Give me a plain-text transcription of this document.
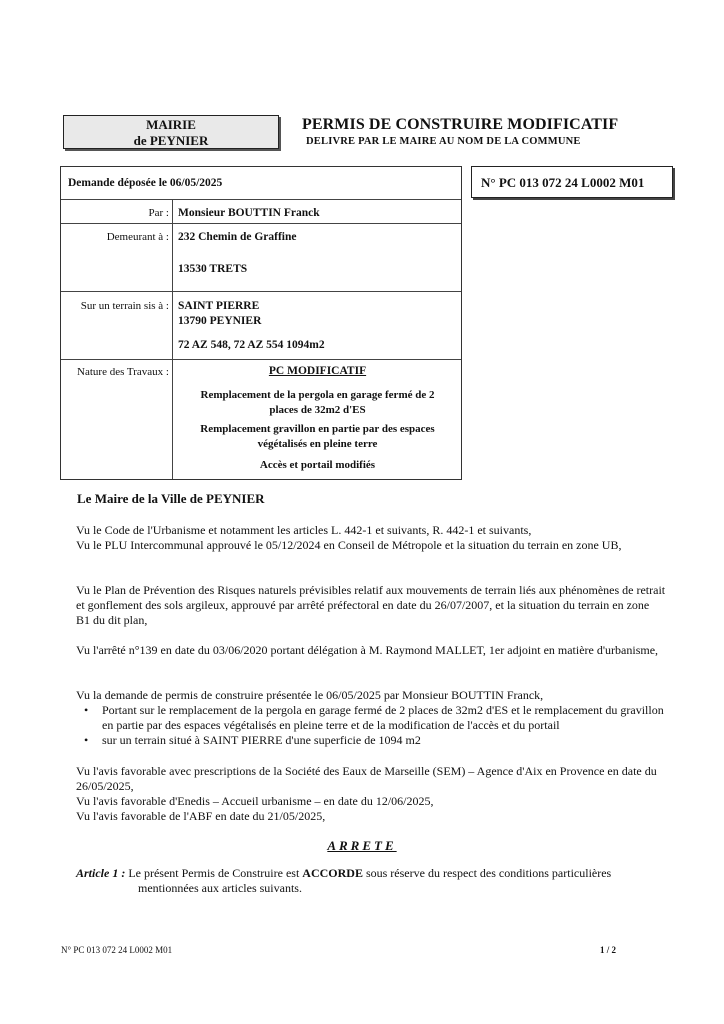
MAIRIE
de PEYNIER
PERMIS DE CONSTRUIRE MODIFICATIF
DELIVRE PAR LE MAIRE AU NOM DE LA COMMUNE
N° PC 013 072 24 L0002 M01
Demande déposée le 06/05/2025
Par : Monsieur BOUTTIN Franck
Demeurant à : 232 Chemin de Graffine
13530 TRETS
Sur un terrain sis à : SAINT PIERRE
13790 PEYNIER
72 AZ 548, 72 AZ 554 1094m2
Nature des Travaux :	PC MODIFICATIF
Remplacement de la pergola en garage fermé de 2
places de 32m2 d'ES
Remplacement gravillon en partie par des espaces
végétalisés en pleine terre
Accès et portail modifiés
Le Maire de la Ville de PEYNIER
Vu le Code de l'Urbanisme et notamment les articles L. 442-1 et suivants, R. 442-1 et suivants,
Vu le PLU Intercommunal approuvé le 05/12/2024 en Conseil de Métropole et la situation du terrain en zone UB,
Vu le Plan de Prévention des Risques naturels prévisibles relatif aux mouvements de terrain liés aux phénomènes de retrait et gonflement des sols argileux, approuvé par arrêté préfectoral en date du 26/07/2007, et la situation du terrain en zone B1 du dit plan,
Vu l'arrêté n°139 en date du 03/06/2020 portant délégation à M. Raymond MALLET, 1er adjoint en matière d'urbanisme,
Vu la demande de permis de construire présentée le 06/05/2025 par Monsieur BOUTTIN Franck,
• Portant sur le remplacement de la pergola en garage fermé de 2 places de 32m2 d'ES et le remplacement du gravillon en partie par des espaces végétalisés en pleine terre et de la modification de l'accès et du portail
• sur un terrain situé à SAINT PIERRE d'une superficie de 1094 m2
Vu l'avis favorable avec prescriptions de la Société des Eaux de Marseille (SEM) – Agence d'Aix en Provence en date du 26/05/2025,
Vu l'avis favorable d'Enedis – Accueil urbanisme – en date du 12/06/2025,
Vu l'avis favorable de l'ABF en date du 21/05/2025,
ARRETE
Article 1 : Le présent Permis de Construire est ACCORDE sous réserve du respect des conditions particulières mentionnées aux articles suivants.
N° PC 013 072 24 L0002 M01	1 / 2
